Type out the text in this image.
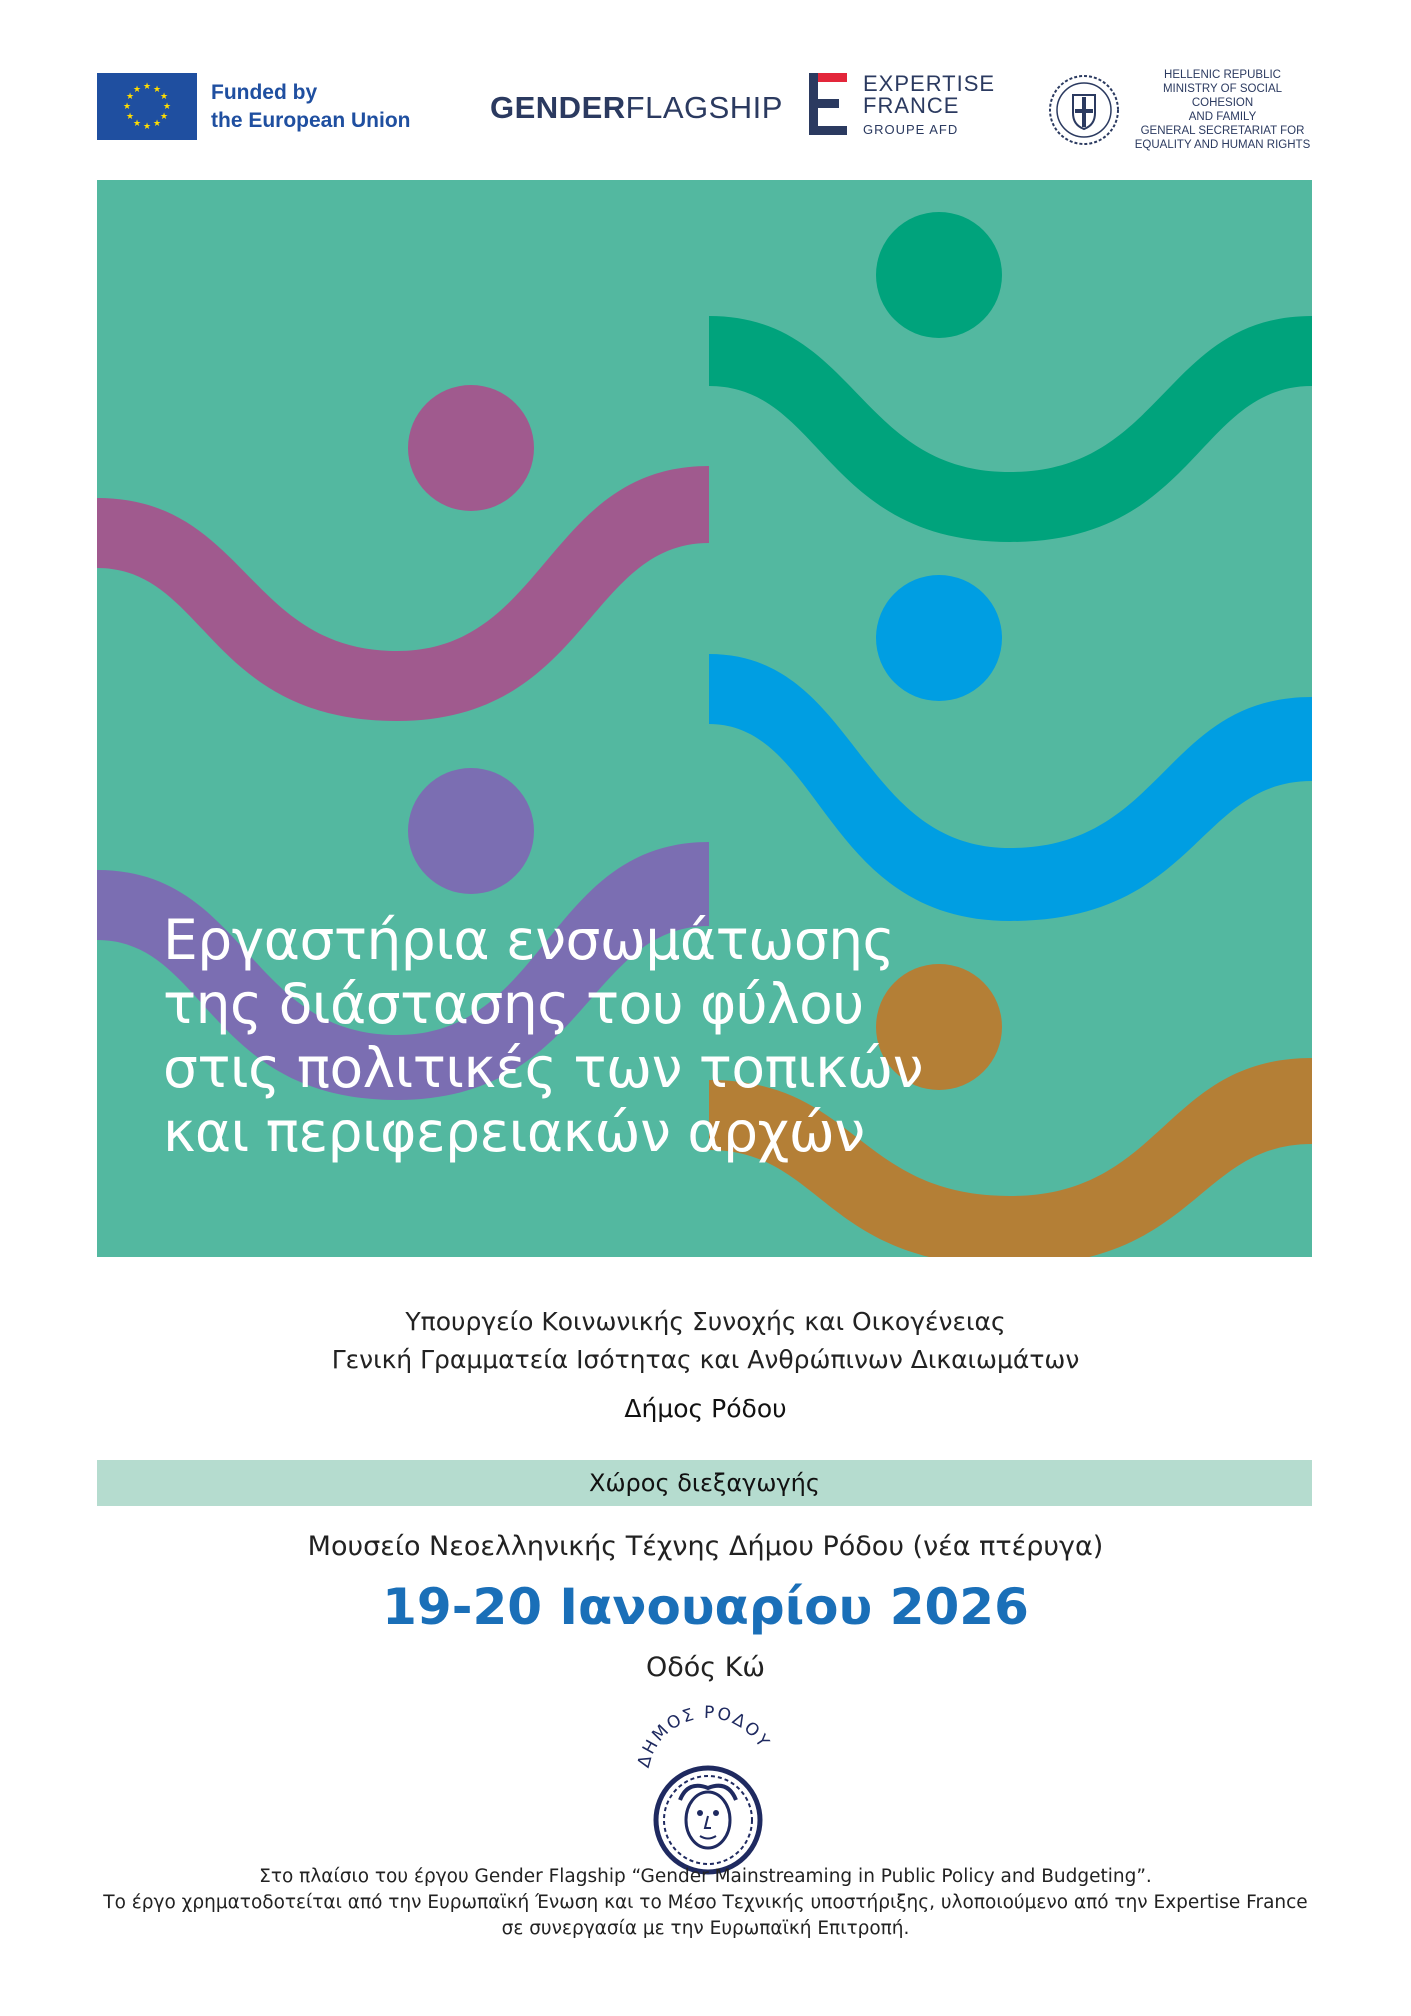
★ ★
★
★
★
★
★
★
★
★
★
★	Funded by
the European Union	GENDERFLAGSHIP
EXPERTISE
FRANCE
GROUPE AFD
HELLENIC REPUBLIC
MINISTRY OF SOCIAL COHESION
AND FAMILY
GENERAL SECRETARIAT FOR
EQUALITY AND HUMAN RIGHTS
Εργαστήρια ενσωμάτωσης
της διάστασης του φύλου
στις πολιτικές των τοπικών
και περιφερειακών αρχών
Υπουργείο Κοινωνικής Συνοχής και Οικογένειας
Γενική Γραμματεία Ισότητας και Ανθρώπινων Δικαιωμάτων
Δήμος Ρόδου
Χώρος διεξαγωγής
Μουσείο Νεοελληνικής Τέχνης Δήμου Ρόδου (νέα πτέρυγα)
19-20 Ιανουαρίου 2026
Οδός Κώ
ΔΗΜΟΣ ΡΟΔΟΥ
Στο πλαίσιο του έργου Gender Flagship “Gender Mainstreaming in Public Policy and Budgeting”.
Το έργο χρηματοδοτείται από την Ευρωπαϊκή Ένωση και το Μέσο Τεχνικής υποστήριξης, υλοποιούμενο από την Expertise France
σε συνεργασία με την Ευρωπαϊκή Επιτροπή.
